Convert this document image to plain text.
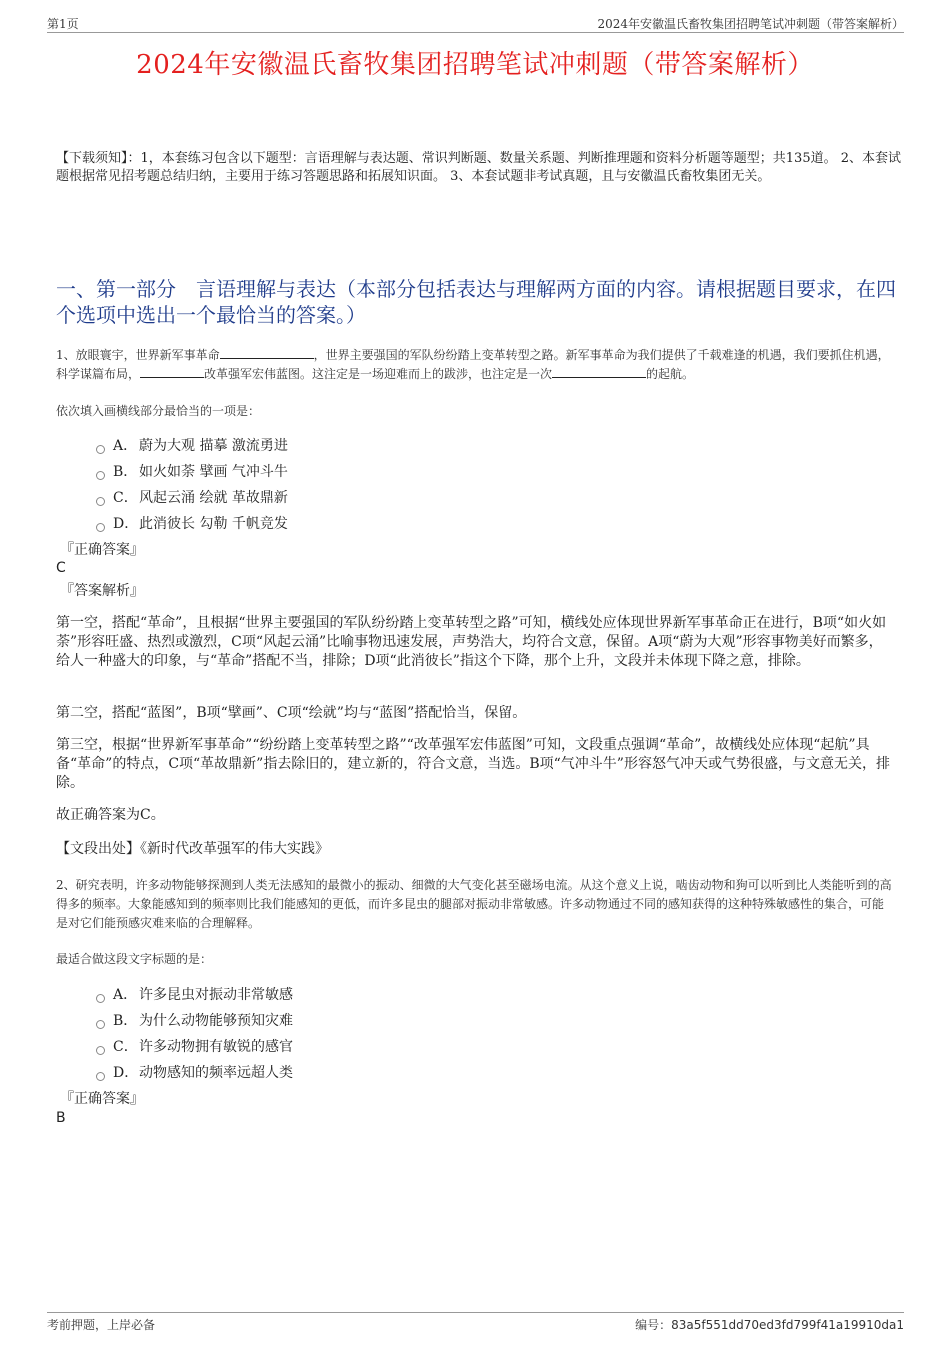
第1页	2024年安徽温氏畜牧集团招聘笔试冲刺题（带答案解析）
2024年安徽温氏畜牧集团招聘笔试冲刺题（带答案解析）
【下载须知】：1，本套练习包含以下题型：言语理解与表达题、常识判断题、数量关系题、判断推理题和资料分析题等题型；共135道。 2、本套试题根据常见招考题总结归纳，主要用于练习答题思路和拓展知识面。 3、本套试题非考试真题，且与安徽温氏畜牧集团无关。
一、第一部分　言语理解与表达（本部分包括表达与理解两方面的内容。请根据题目要求，在四个选项中选出一个最恰当的答案。）
1、放眼寰宇，世界新军事革命	，世界主要强国的军队纷纷踏上变革转型之路。新军事革命为我们提供了千载难逢的机遇，我们要抓住机遇，科学谋篇布局，	改革强军宏伟蓝图。这注定是一场迎难而上的跋涉，也注定是一次	的起航。
依次填入画横线部分最恰当的一项是：
A． 蔚为大观 描摹 激流勇进
B． 如火如荼 擘画 气冲斗牛
C． 风起云涌 绘就 革故鼎新
D． 此消彼长 勾勒 千帆竞发
『正确答案』
C
『答案解析』
第一空，搭配“革命”，且根据“世界主要强国的军队纷纷踏上变革转型之路”可知，横线处应体现世界新军事革命正在进行，B项“如火如荼”形容旺盛、热烈或激烈，C项“风起云涌”比喻事物迅速发展，声势浩大，均符合文意，保留。A项“蔚为大观”形容事物美好而繁多，给人一种盛大的印象，与“革命”搭配不当，排除；D项“此消彼长”指这个下降，那个上升，文段并未体现下降之意，排除。
第二空，搭配“蓝图”，B项“擘画”、C项“绘就”均与“蓝图”搭配恰当，保留。
第三空，根据“世界新军事革命”“纷纷踏上变革转型之路”“改革强军宏伟蓝图”可知，文段重点强调“革命”，故横线处应体现“起航”具备“革命”的特点，C项“革故鼎新”指去除旧的，建立新的，符合文意，当选。B项“气冲斗牛”形容怒气冲天或气势很盛，与文意无关，排除。
故正确答案为C。
【文段出处】《新时代改革强军的伟大实践》
2、研究表明，许多动物能够探测到人类无法感知的最微小的振动、细微的大气变化甚至磁场电流。从这个意义上说，啮齿动物和狗可以听到比人类能听到的高得多的频率。大象能感知到的频率则比我们能感知的更低，而许多昆虫的腿部对振动非常敏感。许多动物通过不同的感知获得的这种特殊敏感性的集合，可能是对它们能预感灾难来临的合理解释。
最适合做这段文字标题的是：
A． 许多昆虫对振动非常敏感
B． 为什么动物能够预知灾难
C． 许多动物拥有敏锐的感官
D． 动物感知的频率远超人类
『正确答案』
B
考前押题，上岸必备	编号：83a5f551dd70ed3fd799f41a19910da1
